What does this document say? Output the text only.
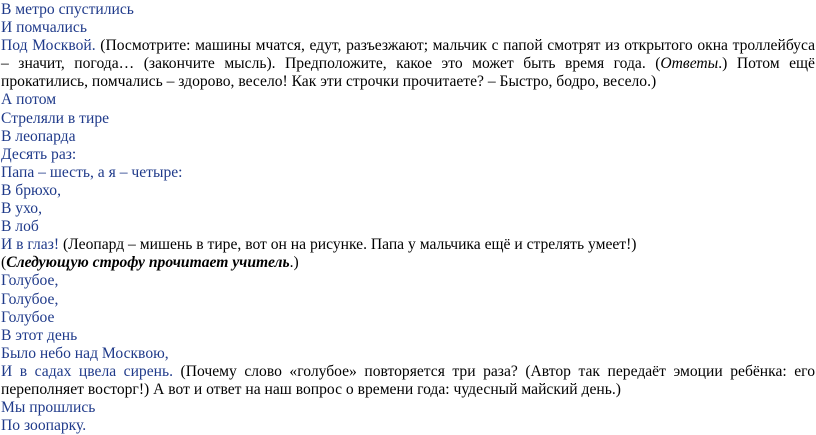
В метро спустились

И помчались

Под Москвой. (Посмотрите: машины мчатся, едут, разъезжают; мальчик с папой смотрят из открытого окна троллейбуса – значит, погода… (закончите мысль). Предположите, какое это может быть время года. (Ответы.) Потом ещё прокатились, помчались – здорово, весело! Как эти строчки прочитаете? – Быстро, бодро, весело.)

А потом

Стреляли в тире

В леопарда

Десять раз:

Папа – шесть, а я – четыре:

В брюхо,

В ухо,

В лоб

И в глаз! (Леопард – мишень в тире, вот он на рисунке. Папа у мальчика ещё и стрелять умеет!)

(Следующую строфу прочитает учитель.)

Голубое,

Голубое,

Голубое

В этот день

Было небо над Москвою,

И в садах цвела сирень. (Почему слово «голубое» повторяется три раза? (Автор так передаёт эмоции ребёнка: его переполняет восторг!) А вот и ответ на наш вопрос о времени года: чудесный майский день.)

Мы прошлись

По зоопарку.
